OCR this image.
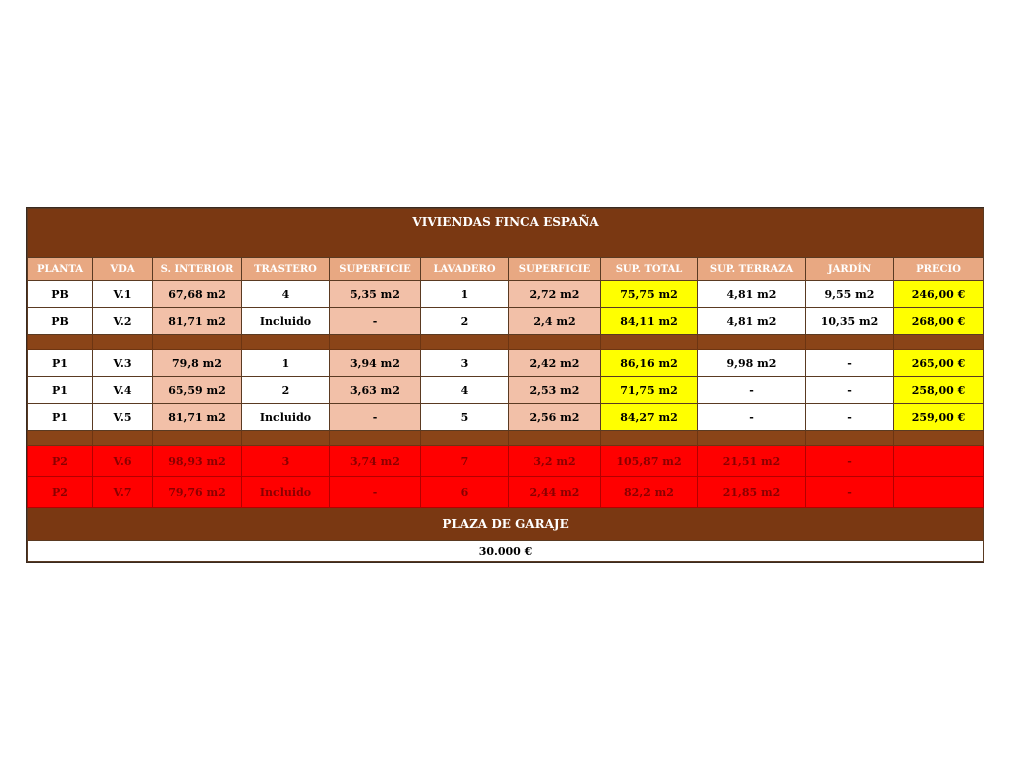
VIVIENDAS FINCA ESPAÑA										
PLANTA	VDA	S. INTERIOR	TRASTERO	SUPERFICIE	LAVADERO	SUPERFICIE	SUP. TOTAL	SUP. TERRAZA	JARDÍN	PRECIO
PB	V.1	67,68 m2	4	5,35 m2	1	2,72 m2	75,75 m2	4,81 m2	9,55 m2	246,00 €
PB	V.2	81,71 m2	Incluido	-	2	2,4 m2	84,11 m2	4,81 m2	10,35 m2	268,00 €

P1	V.3	79,8 m2	1	3,94 m2	3	2,42 m2	86,16 m2	9,98 m2	-	265,00 €
P1	V.4	65,59 m2	2	3,63 m2	4	2,53 m2	71,75 m2	-	-	258,00 €
P1	V.5	81,71 m2	Incluido	-	5	2,56 m2	84,27 m2	-	-	259,00 €

P2	V.6	98,93 m2	3	3,74 m2	7	3,2 m2	105,87 m2	21,51 m2	-	
P2	V.7	79,76 m2	Incluido	-	6	2,44 m2	82,2 m2	21,85 m2	-	
PLAZA DE GARAJE										
30.000 €										
